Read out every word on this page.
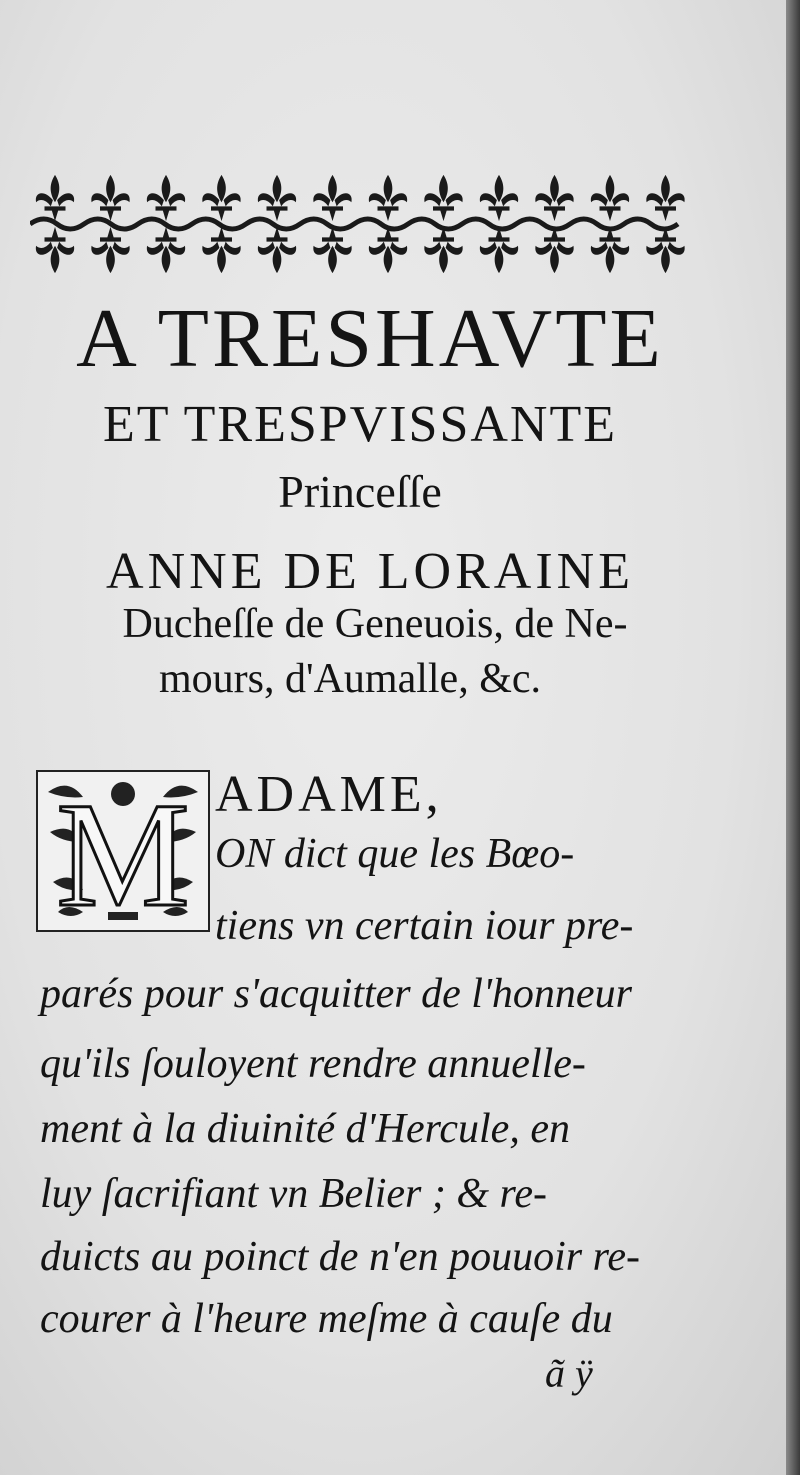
A TRESHAVTE
ET TRESPVISSANTE
Princeſſe
ANNE DE LORAINE
Ducheſſe de Geneuois, de Ne-
mours, d'Aumalle, &c.
M ADAME,
ON dict que les Bœo-
tiens vn certain iour pre-
parés pour s'acquitter de l'honneur
qu'ils ſouloyent rendre annuelle-
ment à la diuinité d'Hercule, en
luy ſacrifiant vn Belier ; & re-
duicts au poinct de n'en pouuoir re-
courer à l'heure meſme à cauſe du
ã ÿ
